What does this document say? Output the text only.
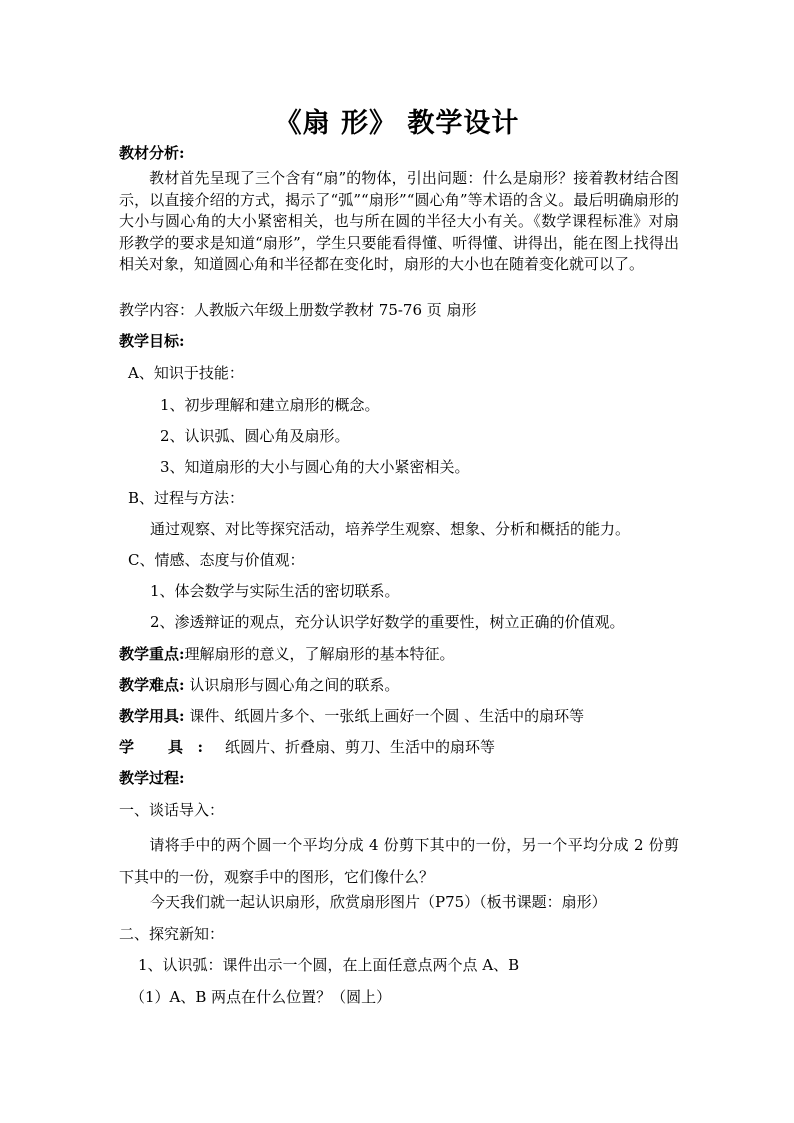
《扇 形》 教学设计
教材分析:
教材首先呈现了三个含有“扇”的物体，引出问题：什么是扇形？接着教材结合图示，以直接介绍的方式，揭示了“弧”“扇形”“圆心角”等术语的含义。最后明确扇形的大小与圆心角的大小紧密相关，也与所在圆的半径大小有关。《数学课程标准》对扇形教学的要求是知道“扇形”，学生只要能看得懂、听得懂、讲得出，能在图上找得出相关对象，知道圆心角和半径都在变化时，扇形的大小也在随着变化就可以了。
教学内容：人教版六年级上册数学教材 75-76 页 扇形
教学目标:
A、知识于技能：
1、初步理解和建立扇形的概念。
2、认识弧、圆心角及扇形。
3、知道扇形的大小与圆心角的大小紧密相关。
B、过程与方法：
通过观察、对比等探究活动，培养学生观察、想象、分析和概括的能力。
C、情感、态度与价值观：
1、体会数学与实际生活的密切联系。
2、渗透辩证的观点，充分认识学好数学的重要性，树立正确的价值观。
教学重点:理解扇形的意义，了解扇形的基本特征。
教学难点: 认识扇形与圆心角之间的联系。
教学用具: 课件、纸圆片多个、一张纸上画好一个圆 、生活中的扇环等
学 具: 纸圆片、折叠扇、剪刀、生活中的扇环等
教学过程:
一、谈话导入：
请将手中的两个圆一个平均分成 4 份剪下其中的一份，另一个平均分成 2 份剪下其中的一份，观察手中的图形，它们像什么？
今天我们就一起认识扇形，欣赏扇形图片（P75）（板书课题：扇形）
二、探究新知：
1、认识弧：课件出示一个圆，在上面任意点两个点 A、B
（1）A、B 两点在什么位置？（圆上）
